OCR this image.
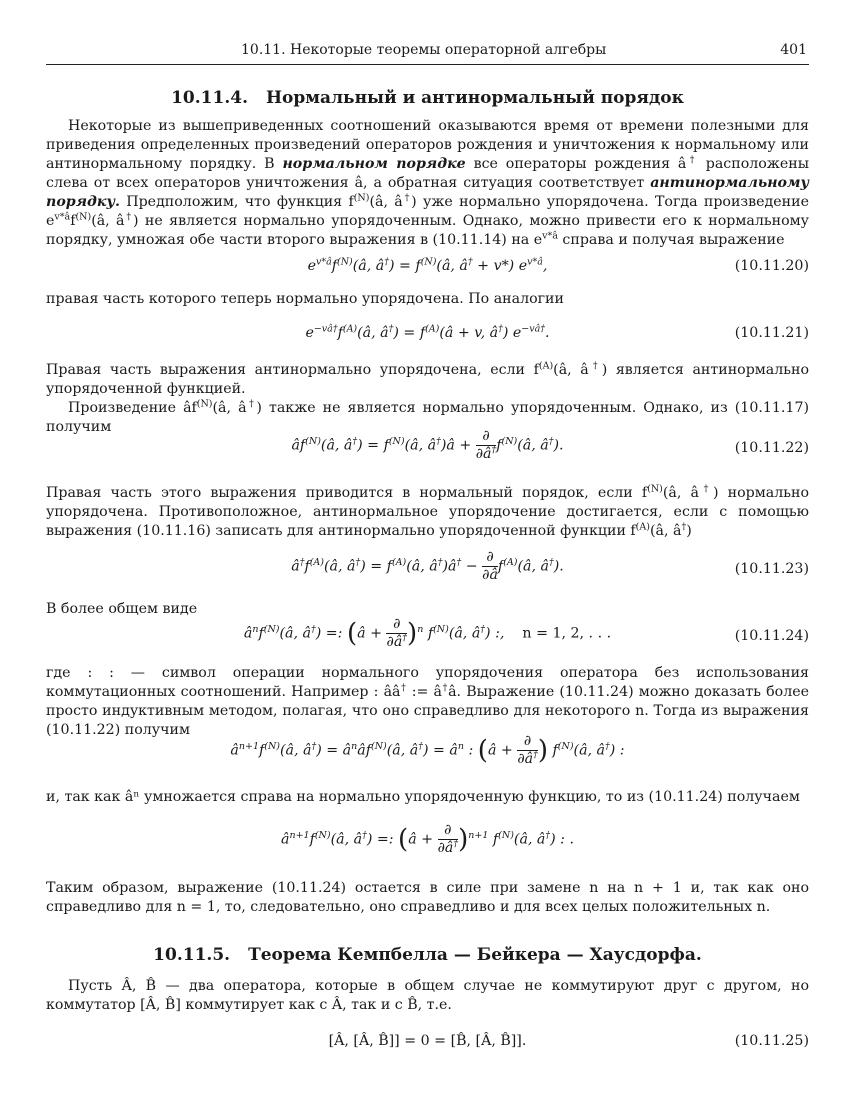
10.11. Некоторые теоремы операторной алгебры	401
10.11.4. Нормальный и антинормальный порядок

Некоторые из вышеприведенных соотношений оказываются время от времени полезными для приведения определенных произведений операторов рождения и уничтожения к нормальному или антинормальному порядку. В нормальном порядке все операторы рождения â† расположены слева от всех операторов уничтожения â, а обратная ситуация соответствует антинормальному порядку. Предположим, что функция $f^{(N)}(â$, â†) уже нормально упорядочена. Тогда произведение $e^{v*â}f^{(N)}(â$, â†) не является нормально упорядоченным. Однако, можно привести его к нормальному порядку, умножая обе части второго выражения в (10.11.14) на $e^{v*â}$ справа и получая выражение

$e^{v*â}f^{(N)}(â$, â†) = $f^{(N)}(â$, â† + v*) $e^{v*â}$,	(10.11.20)

правая часть которого теперь нормально упорядочена. По аналогии

$e^{-vâ\dagger}f^{(A)}(â$, â†) = $f^{(A)}(â + v$, â†) $e^{-vâ\dagger}$.	(10.11.21)

Правая часть выражения антинормально упорядочена, если $f^{(A)}(â$, â†) является антинормально упорядоченной функцией.

Произведение $âf^{(N)}(â$, â†) также не является нормально упорядоченным. Однако, из (10.11.17) получим

$âf^{(N)}(â$, â†) = $f^{(N)}(â$, â†)â + $\frac{\partial}{\partial â^\dagger}$ $f^{(N)}(â$, â†).	(10.11.22)

Правая часть этого выражения приводится в нормальный порядок, если $f^{(N)}(â$, â†) нормально упорядочена. Противоположное, антинормальное упорядочение достигается, если с помощью выражения (10.11.16) записать для антинормально упорядоченной функции $f^{(A)}(â$, â†)

$â^\dagger f^{(A)}(â$, â†) = $f^{(A)}(â$, â†)â† − $\frac{\partial}{\partial â}$ $f^{(A)}(â$, â†).	(10.11.23)

В более общем виде

$â^nf^{(N)}(â$, â†) =: (â + $\frac{\partial}{\partial â^\dagger} )^n$ $f^{(N)}(â$, â†) :,    n = 1, 2, . . .	(10.11.24)

где : : — символ операции нормального упорядочения оператора без использования коммутационных соотношений. Например : ââ† := â†â. Выражение (10.11.24) можно доказать более просто индуктивным методом, полагая, что оно справедливо для некоторого n. Тогда из выражения (10.11.22) получим

$â^{n+1}f^{(N)}(â$, â†) = $â^nâf^{(N)}(â$, â†) = $â^n$ : (â + $\frac{\partial}{\partial â^\dagger}$ ) $f^{(N)}(â$, â†) :

и, так как âⁿ умножается справа на нормально упорядоченную функцию, то из (10.11.24) получаем

$â^{n+1}f^{(N)}(â$, â†) =: (â + $\frac{\partial}{\partial â^\dagger} )^{n+1}$ $f^{(N)}(â$, â†) : .

Таким образом, выражение (10.11.24) остается в силе при замене n на n + 1 и, так как оно справедливо для n = 1, то, следовательно, оно справедливо и для всех целых положительных n.

10.11.5. Теорема Кемпбелла — Бейкера — Хаусдорфа.

Пусть Â, B̂ — два оператора, которые в общем случае не коммутируют друг с другом, но коммутатор [Â, B̂] коммутирует как с Â, так и с B̂, т.е.

[Â, [Â, B̂]] = 0 = [B̂, [Â, B̂]].	(10.11.25)
